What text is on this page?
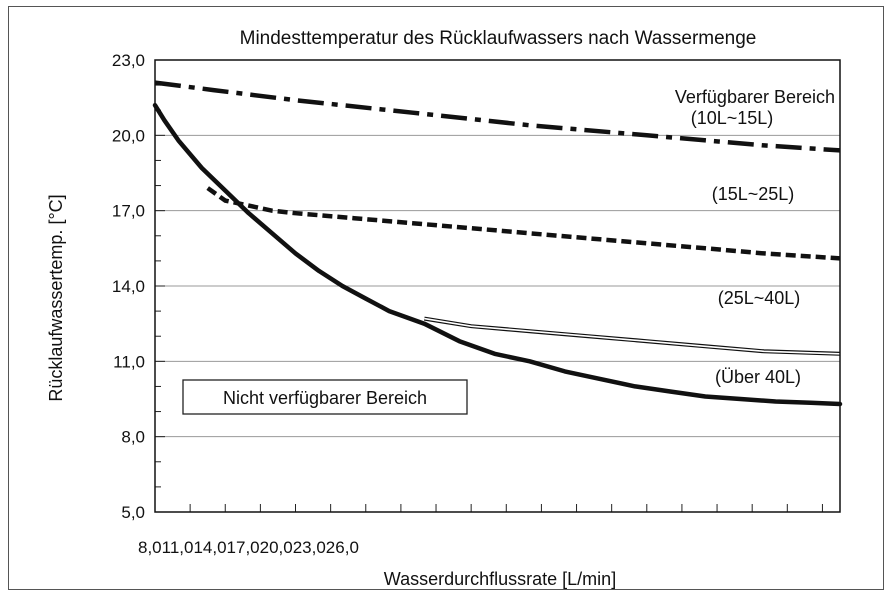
Mindesttemperatur des Rücklaufwassers nach Wassermenge
5,0
8,0
11,0
14,0
17,0
20,0
23,0
8,011,014,017,020,023,026,0
Wasserdurchflussrate [L/min]
Rücklaufwassertemp. [°C]
Verfügbarer Bereich
(10L~15L)
(15L~25L)
(25L~40L)
(Über 40L)
Nicht verfügbarer Bereich
